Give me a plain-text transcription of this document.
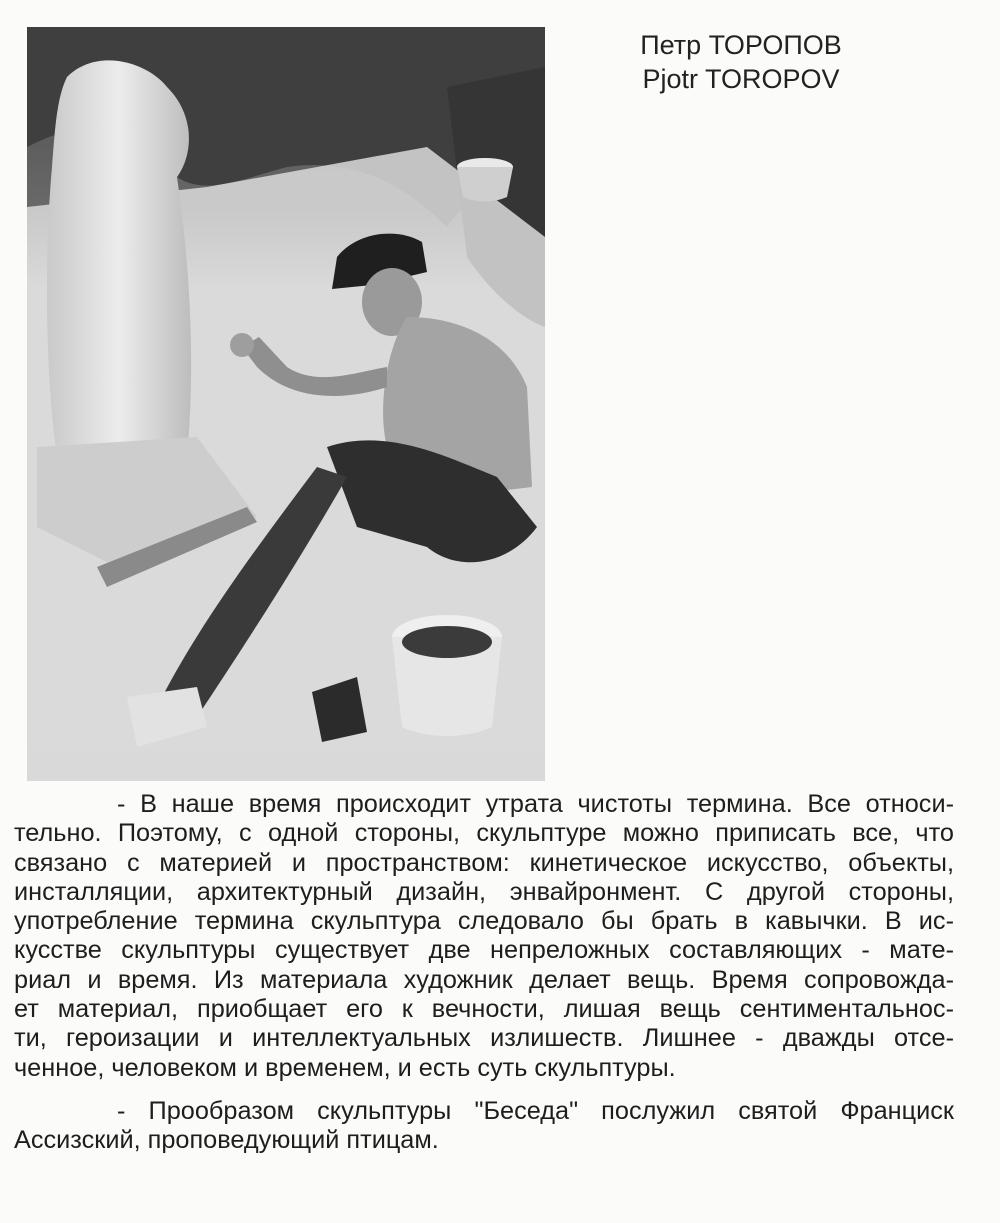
Петр ТОРОПОВ
Pjotr TOROPOV
- В наше время происходит утрата чистоты термина. Все относи-
тельно. Поэтому, с одной стороны, скульптуре можно приписать все, что
связано с материей и пространством: кинетическое искусство, объекты,
инсталляции, архитектурный дизайн, энвайронмент. С другой стороны,
употребление термина скульптура следовало бы брать в кавычки. В ис-
кусстве скульптуры существует две непреложных составляющих - мате-
риал и время. Из материала художник делает вещь. Время сопровожда-
ет материал, приобщает его к вечности, лишая вещь сентиментальнос-
ти, героизации и интеллектуальных излишеств. Лишнее - дважды отсе-
ченное, человеком и временем, и есть суть скульптуры.
- Прообразом скульптуры "Беседа" послужил святой Франциск
Ассизский, проповедующий птицам.
